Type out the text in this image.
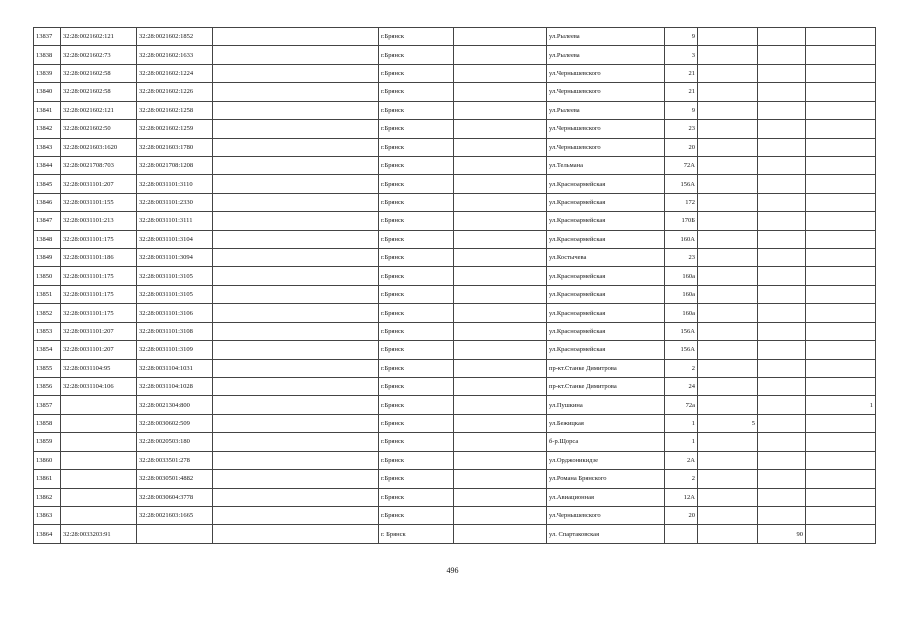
13837	32:28:0021602:121	32:28:0021602:1852		г.Брянск		ул.Рылеева	9			
13838	32:28:0021602:73	32:28:0021602:1633		г.Брянск		ул.Рылеева	3			
13839	32:28:0021602:58	32:28:0021602:1224		г.Брянск		ул.Чернышевского	21			
13840	32:28:0021602:58	32:28:0021602:1226		г.Брянск		ул.Чернышевского	21			
13841	32:28:0021602:121	32:28:0021602:1258		г.Брянск		ул.Рылеева	9			
13842	32:28:0021602:50	32:28:0021602:1259		г.Брянск		ул.Чернышевского	23			
13843	32:28:0021603:1620	32:28:0021603:1780		г.Брянск		ул.Чернышевского	20			
13844	32:28:0021708:703	32:28:0021708:1208		г.Брянск		ул.Тельмана	72А			
13845	32:28:0031101:207	32:28:0031101:3110		г.Брянск		ул.Красноармейская	156А			
13846	32:28:0031101:155	32:28:0031101:2330		г.Брянск		ул.Красноармейская	172			
13847	32:28:0031101:213	32:28:0031101:3111		г.Брянск		ул.Красноармейская	170Б			
13848	32:28:0031101:175	32:28:0031101:3104		г.Брянск		ул.Красноармейская	160А			
13849	32:28:0031101:186	32:28:0031101:3094		г.Брянск		ул.Костычева	23			
13850	32:28:0031101:175	32:28:0031101:3105		г.Брянск		ул.Красноармейская	160а			
13851	32:28:0031101:175	32:28:0031101:3105		г.Брянск		ул.Красноармейская	160а			
13852	32:28:0031101:175	32:28:0031101:3106		г.Брянск		ул.Красноармейская	160а			
13853	32:28:0031101:207	32:28:0031101:3108		г.Брянск		ул.Красноармейская	156А			
13854	32:28:0031101:207	32:28:0031101:3109		г.Брянск		ул.Красноармейская	156А			
13855	32:28:0031104:95	32:28:0031104:1031		г.Брянск		пр-кт.Станке Димитрова	2			
13856	32:28:0031104:106	32:28:0031104:1028		г.Брянск		пр-кт.Станке Димитрова	24			
13857		32:28:0021304:800		г.Брянск		ул.Пушкина	72а			1
13858		32:28:0030602:509		г.Брянск		ул.Бежицкая	1	5		
13859		32:28:0020503:180		г.Брянск		б-р.Щорса	1			
13860		32:28:0033501:278		г.Брянск		ул.Орджоникидзе	2А			
13861		32:28:0030501:4882		г.Брянск		ул.Романа Брянского	2			
13862		32:28:0030604:3778		г.Брянск		ул.Авиационная	12А			
13863		32:28:0021603:1665		г.Брянск		ул.Чернышевского	20			
13864	32:28:0033203:91			г. Брянск		ул. Спартаковская			90	
496
